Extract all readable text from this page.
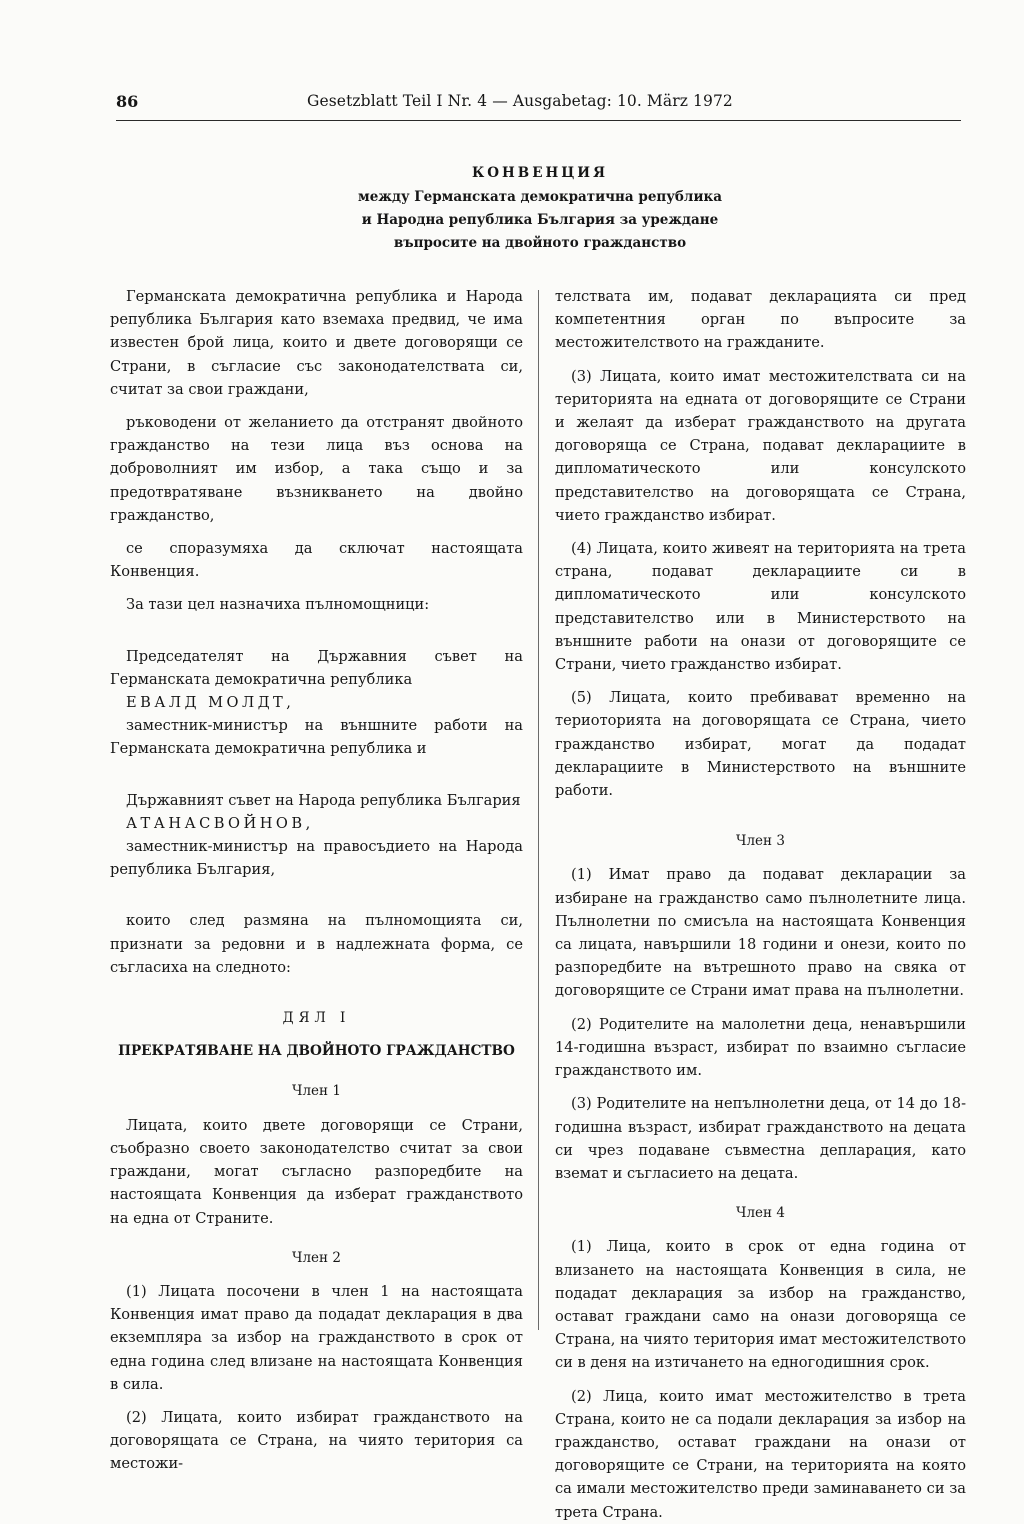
86	Gesetzblatt Teil I Nr. 4 — Ausgabetag: 10. März 1972
КОНВЕНЦИЯ
между Германската демократична република
и Народна република България за уреждане
въпросите на двойното гражданство

Германската демократична република и Народа република България като вземаха предвид, че има известен брой лица, които и двете договорящи се Страни, в съгласие със законодателствата си, считат за свои граждани,

ръководени от желанието да отстранят двойното гражданство на тези лица въз основа на доброволният им избор, а така също и за предотвратяване възникването на двойно гражданство,

се споразумяха да сключат настоящата Конвенция.

За тази цел назначиха пълномощници:

Председателят на Държавния съвет на Германската демократична република

ЕВАЛД МОЛДТ,

заместник-министър на външните работи на Германската демократична република и

Държавният съвет на Народа република България

АТАНАСВОЙНОВ,

заместник-министър на правосъдието на Народа република България,

които след размяна на пълномощията си, признати за редовни и в надлежната форма, се съгласиха на следното:

ДЯЛ I
ПРЕКРАТЯВАНЕ НА ДВОЙНОТО ГРАЖДАНСТВО
Член 1

Лицата, които двете договорящи се Страни, съобразно своето законодателство считат за свои граждани, могат съгласно разпоредбите на настоящата Конвенция да изберат гражданството на една от Страните.

Член 2

(1) Лицата посочени в член 1 на настоящата Конвенция имат право да подадат декларация в два екземпляра за избор на гражданството в срок от една година след влизане на настоящата Конвенция в сила.

(2) Лицата, които избират гражданството на договорящата се Страна, на чиято територия са местожи-

телствата им, подават декларацията си пред компетентния орган по въпросите за местожителството на гражданите.

(3) Лицата, които имат местожителствата си на територията на едната от договорящите се Страни и желаят да изберат гражданството на другата договоряща се Страна, подават декларациите в дипломатическото или консулското представителство на договорящата се Страна, чието гражданство избират.

(4) Лицата, които живеят на територията на трета страна, подават декларациите си в дипломатическото или консулското представителство или в Министерството на външните работи на онази от договорящите се Страни, чието гражданство избират.

(5) Лицата, които пребивават временно на териоторията на договорящата се Страна, чието гражданство избират, могат да подадат декларациите в Министерството на външните работи.

Член 3

(1) Имат право да подават декларации за избиране на гражданство само пълнолетните лица. Пълнолетни по смисъла на настоящата Конвенция са лицата, навършили 18 години и онези, които по разпоредбите на вътрешното право на свяка от договорящите се Страни имат права на пълнолетни.

(2) Родителите на малолетни деца, ненавършили 14-годишна възраст, избират по взаимно съгласие гражданството им.

(3) Родителите на непълнолетни деца, от 14 до 18-годишна възраст, избират гражданството на децата си чрез подаване съвместна депларация, като вземат и съгласието на децата.

Член 4

(1) Лица, които в срок от една година от влизането на настоящата Конвенция в сила, не подадат декларация за избор на гражданство, остават граждани само на онази договоряща се Страна, на чиято територия имат местожителството си в деня на изтичането на едногодишния срок.

(2) Лица, които имат местожителство в трета Страна, които не са подали декларация за избор на гражданство, остават граждани на онази от договорящите се Страни, на територията на която са имали местожителство преди заминаването си за трета Страна.
